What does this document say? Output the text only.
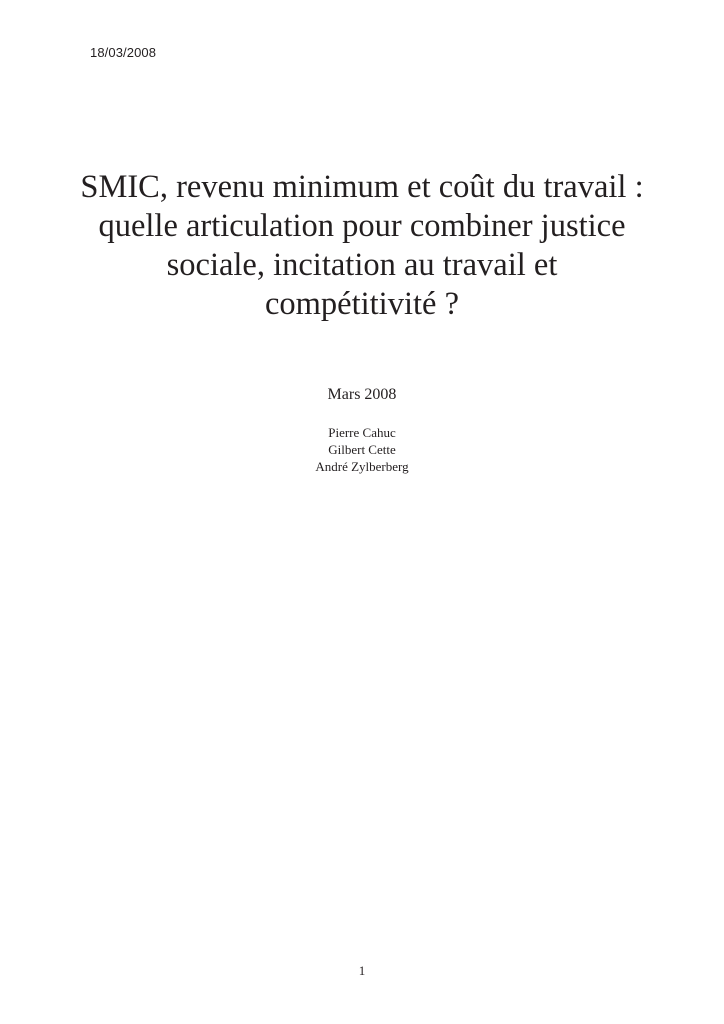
18/03/2008
SMIC, revenu minimum et coût du travail :
quelle articulation pour combiner justice
sociale, incitation au travail et
compétitivité ?
Mars 2008
Pierre Cahuc
Gilbert Cette
André Zylberberg
1
